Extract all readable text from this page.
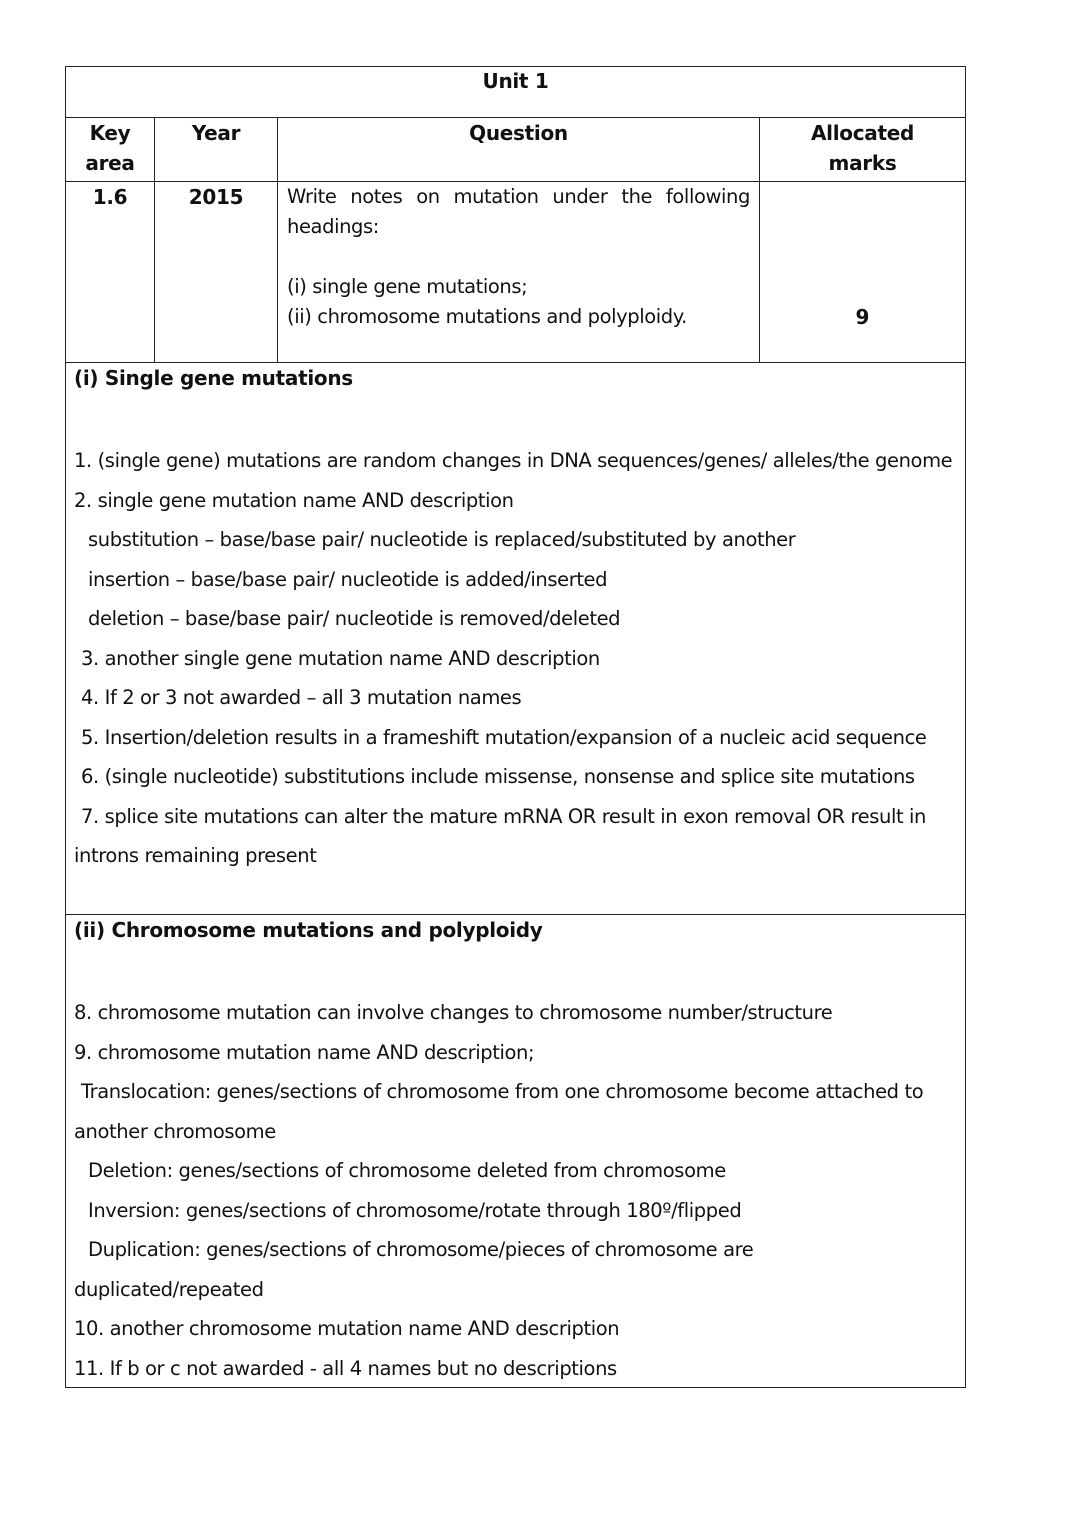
Unit 1
Key
area
Year	Question	Allocated
marks
1.6	2015	Write notes on mutation under the following headings:
(i) single gene mutations;
(ii) chromosome mutations and polyploidy.	9
(i) Single gene mutations
1. (single gene) mutations are random changes in DNA sequences/genes/ alleles/the genome
2. single gene mutation name AND description
substitution – base/base pair/ nucleotide is replaced/substituted by another
insertion – base/base pair/ nucleotide is added/inserted
deletion – base/base pair/ nucleotide is removed/deleted
3. another single gene mutation name AND description
4. If 2 or 3 not awarded – all 3 mutation names
5. Insertion/deletion results in a frameshift mutation/expansion of a nucleic acid sequence
6. (single nucleotide) substitutions include missense, nonsense and splice site mutations
7. splice site mutations can alter the mature mRNA OR result in exon removal OR result in
introns remaining present
(ii) Chromosome mutations and polyploidy
8. chromosome mutation can involve changes to chromosome number/structure
9. chromosome mutation name AND description;
Translocation: genes/sections of chromosome from one chromosome become attached to
another chromosome
Deletion: genes/sections of chromosome deleted from chromosome
Inversion: genes/sections of chromosome/rotate through 180º/flipped
Duplication: genes/sections of chromosome/pieces of chromosome are
duplicated/repeated
10. another chromosome mutation name AND description
11. If b or c not awarded - all 4 names but no descriptions
